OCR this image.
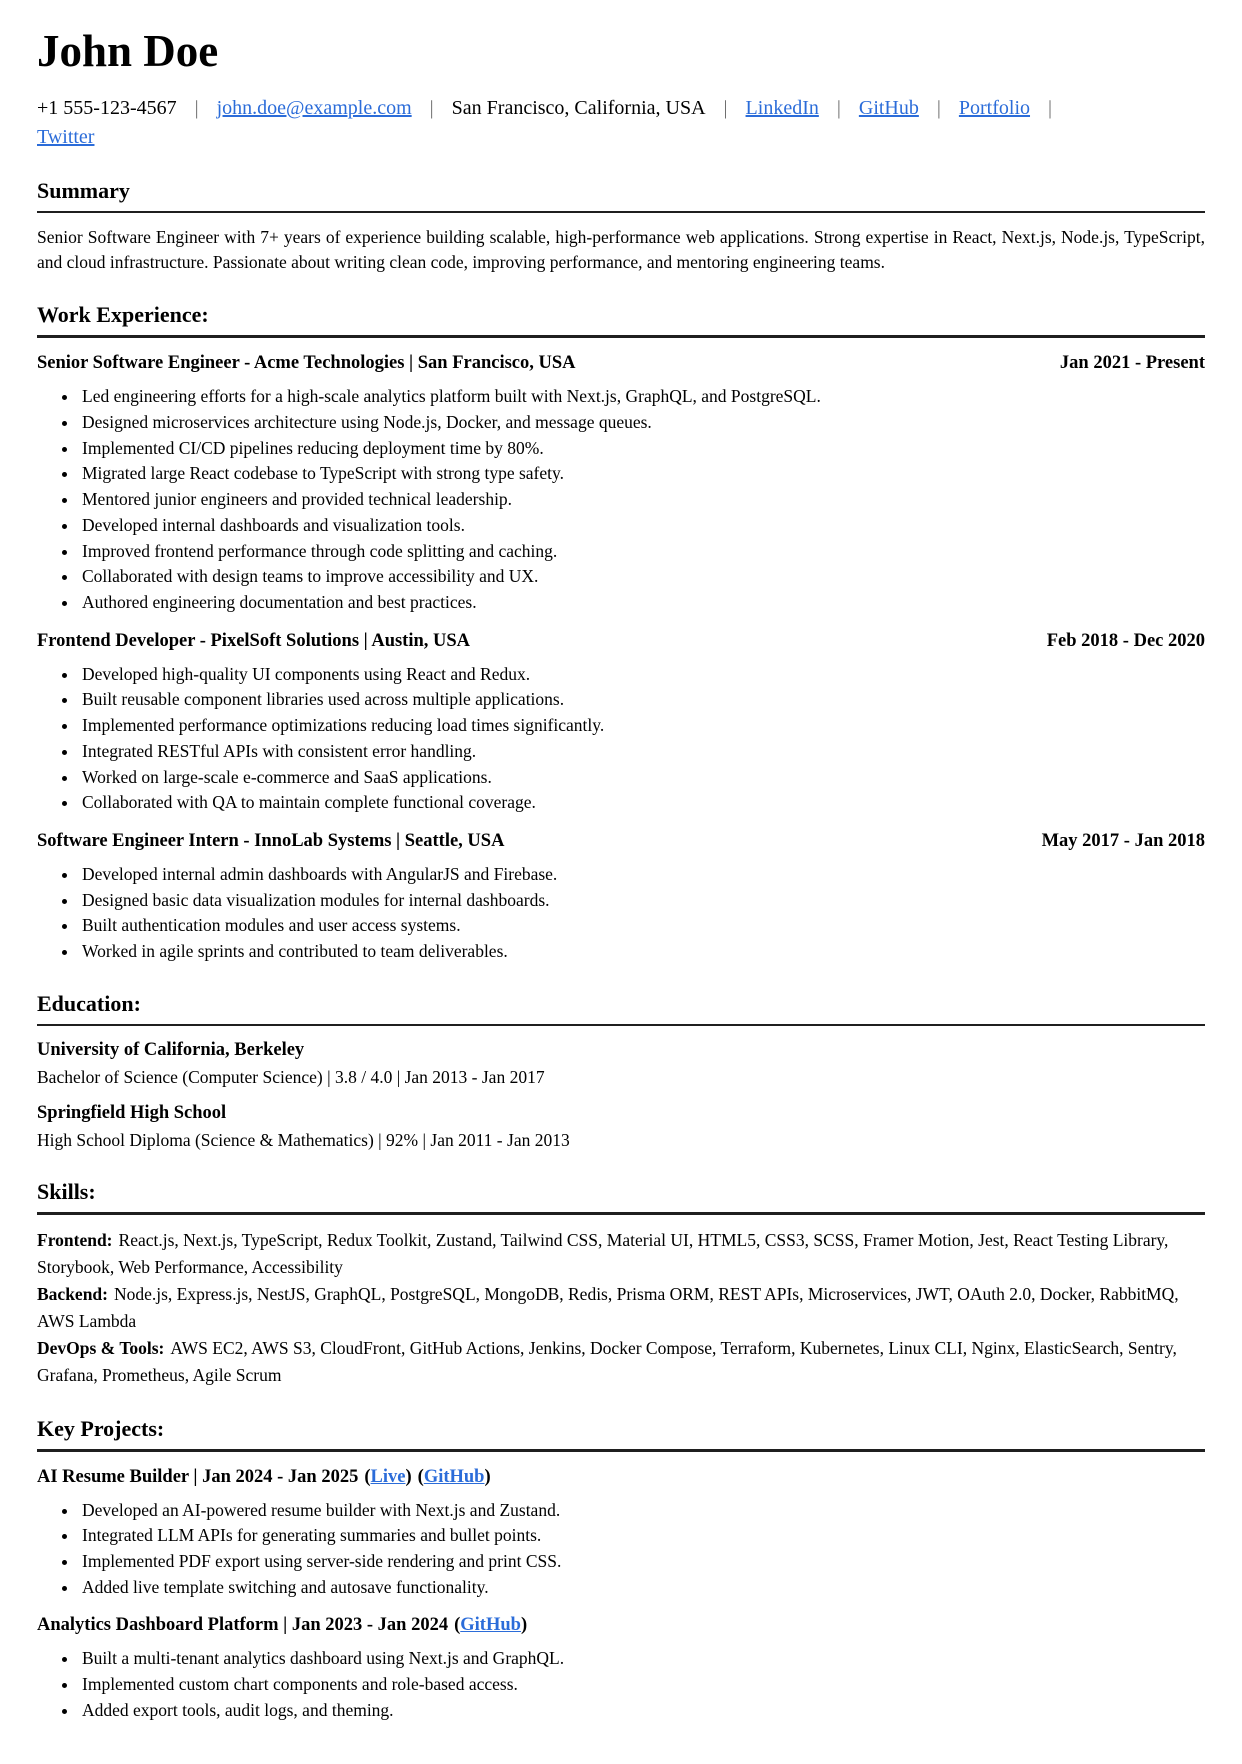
John Doe
+1 555-123-4567 | john.doe@example.com | San Francisco, California, USA | LinkedIn | GitHub | Portfolio |
Twitter
Summary

Senior Software Engineer with 7+ years of experience building scalable, high-performance web applications. Strong expertise in React, Next.js, Node.js, TypeScript, and cloud infrastructure. Passionate about writing clean code, improving performance, and mentoring engineering teams.

Work Experience:
Senior Software Engineer - Acme Technologies | San Francisco, USA	Jan 2021 - Present
• Led engineering efforts for a high-scale analytics platform built with Next.js, GraphQL, and PostgreSQL.
• Designed microservices architecture using Node.js, Docker, and message queues.
• Implemented CI/CD pipelines reducing deployment time by 80%.
• Migrated large React codebase to TypeScript with strong type safety.
• Mentored junior engineers and provided technical leadership.
• Developed internal dashboards and visualization tools.
• Improved frontend performance through code splitting and caching.
• Collaborated with design teams to improve accessibility and UX.
• Authored engineering documentation and best practices.
Frontend Developer - PixelSoft Solutions | Austin, USA	Feb 2018 - Dec 2020
• Developed high-quality UI components using React and Redux.
• Built reusable component libraries used across multiple applications.
• Implemented performance optimizations reducing load times significantly.
• Integrated RESTful APIs with consistent error handling.
• Worked on large-scale e-commerce and SaaS applications.
• Collaborated with QA to maintain complete functional coverage.
Software Engineer Intern - InnoLab Systems | Seattle, USA	May 2017 - Jan 2018
• Developed internal admin dashboards with AngularJS and Firebase.
• Designed basic data visualization modules for internal dashboards.
• Built authentication modules and user access systems.
• Worked in agile sprints and contributed to team deliverables.
Education:
University of California, Berkeley
Bachelor of Science (Computer Science) | 3.8 / 4.0 | Jan 2013 - Jan 2017
Springfield High School
High School Diploma (Science & Mathematics) | 92% | Jan 2011 - Jan 2013
Skills:

Frontend: React.js, Next.js, TypeScript, Redux Toolkit, Zustand, Tailwind CSS, Material UI, HTML5, CSS3, SCSS, Framer Motion, Jest, React Testing Library, Storybook, Web Performance, Accessibility

Backend: Node.js, Express.js, NestJS, GraphQL, PostgreSQL, MongoDB, Redis, Prisma ORM, REST APIs, Microservices, JWT, OAuth 2.0, Docker, RabbitMQ, AWS Lambda

DevOps & Tools: AWS EC2, AWS S3, CloudFront, GitHub Actions, Jenkins, Docker Compose, Terraform, Kubernetes, Linux CLI, Nginx, ElasticSearch, Sentry, Grafana, Prometheus, Agile Scrum

Key Projects:
AI Resume Builder | Jan 2024 - Jan 2025 (Live) (GitHub)
• Developed an AI-powered resume builder with Next.js and Zustand.
• Integrated LLM APIs for generating summaries and bullet points.
• Implemented PDF export using server-side rendering and print CSS.
• Added live template switching and autosave functionality.
Analytics Dashboard Platform | Jan 2023 - Jan 2024 (GitHub)
• Built a multi-tenant analytics dashboard using Next.js and GraphQL.
• Implemented custom chart components and role-based access.
• Added export tools, audit logs, and theming.
